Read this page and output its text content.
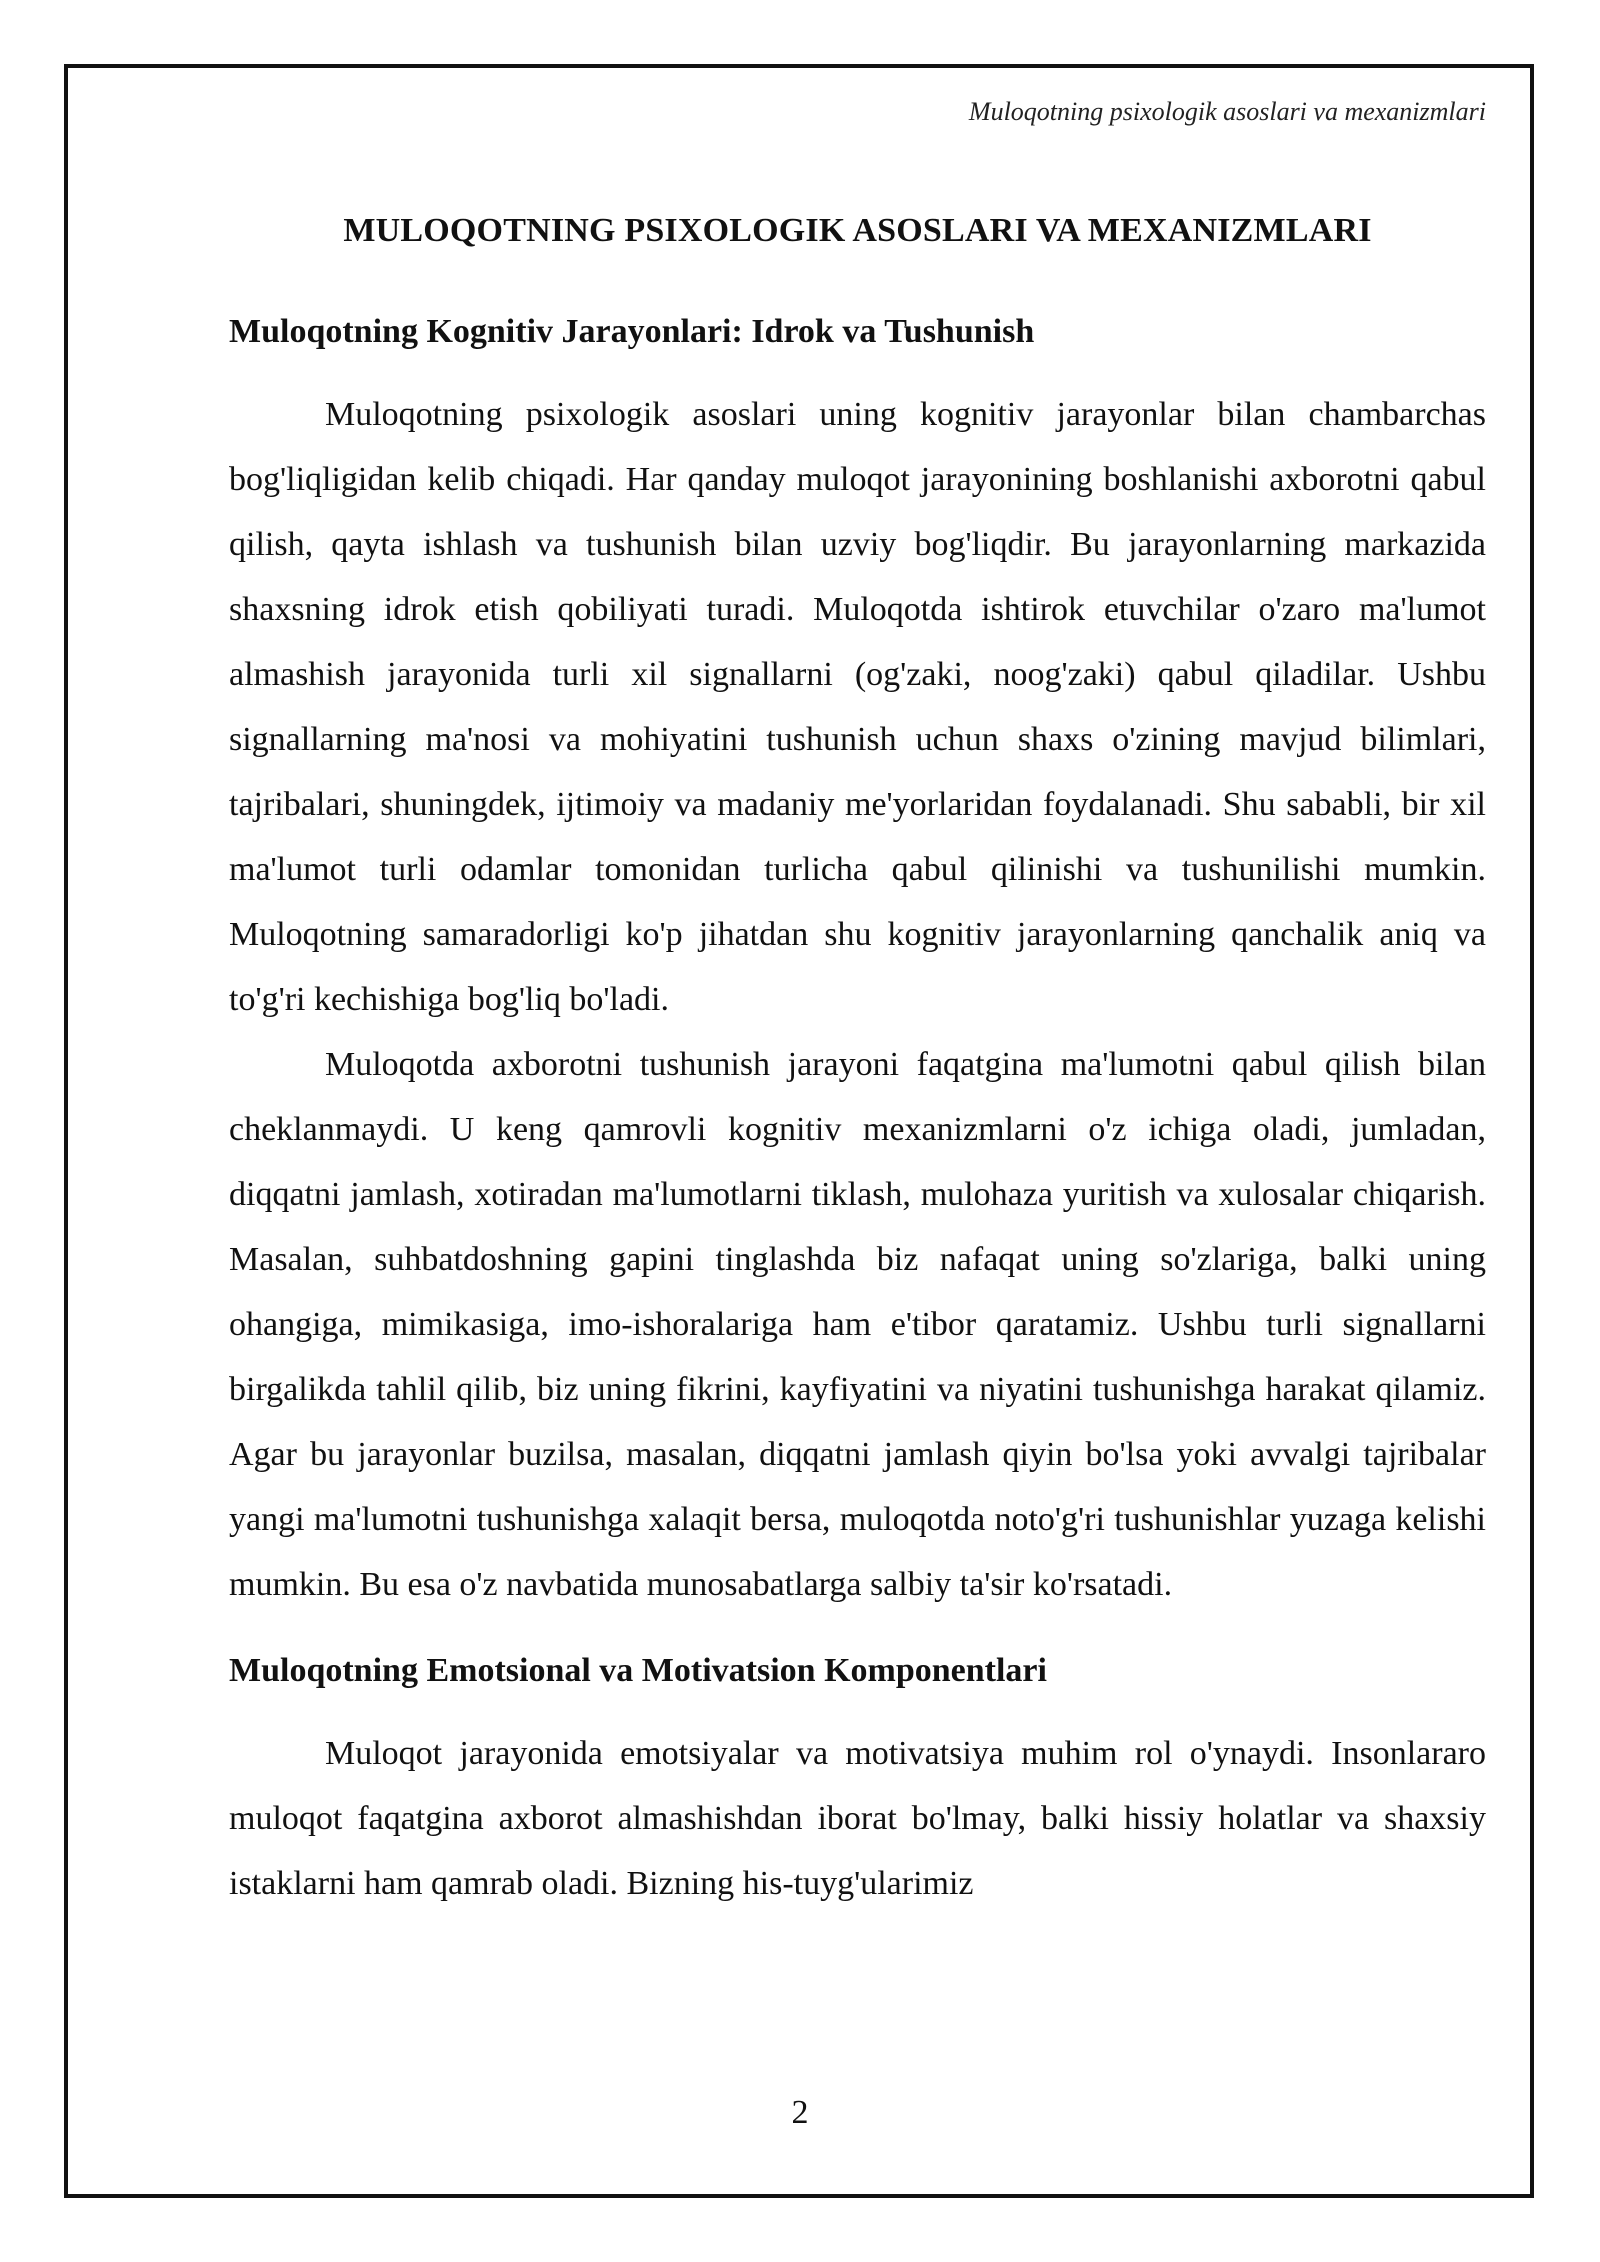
Muloqotning psixologik asoslari va mexanizmlari
MULOQOTNING PSIXOLOGIK ASOSLARI VA MEXANIZMLARI
Muloqotning Kognitiv Jarayonlari: Idrok va Tushunish

Muloqotning psixologik asoslari uning kognitiv jarayonlar bilan chambarchas bog'liqligidan kelib chiqadi. Har qanday muloqot jarayonining boshlanishi axborotni qabul qilish, qayta ishlash va tushunish bilan uzviy bog'liqdir. Bu jarayonlarning markazida shaxsning idrok etish qobiliyati turadi. Muloqotda ishtirok etuvchilar o'zaro ma'lumot almashish jarayonida turli xil signallarni (og'zaki, noog'zaki) qabul qiladilar. Ushbu signallarning ma'nosi va mohiyatini tushunish uchun shaxs o'zining mavjud bilimlari, tajribalari, shuningdek, ijtimoiy va madaniy me'yorlaridan foydalanadi. Shu sababli, bir xil ma'lumot turli odamlar tomonidan turlicha qabul qilinishi va tushunilishi mumkin. Muloqotning samaradorligi ko'p jihatdan shu kognitiv jarayonlarning qanchalik aniq va to'g'ri kechishiga bog'liq bo'ladi.

Muloqotda axborotni tushunish jarayoni faqatgina ma'lumotni qabul qilish bilan cheklanmaydi. U keng qamrovli kognitiv mexanizmlarni o'z ichiga oladi, jumladan, diqqatni jamlash, xotiradan ma'lumotlarni tiklash, mulohaza yuritish va xulosalar chiqarish. Masalan, suhbatdoshning gapini tinglashda biz nafaqat uning so'zlariga, balki uning ohangiga, mimikasiga, imo-ishoralariga ham e'tibor qaratamiz. Ushbu turli signallarni birgalikda tahlil qilib, biz uning fikrini, kayfiyatini va niyatini tushunishga harakat qilamiz. Agar bu jarayonlar buzilsa, masalan, diqqatni jamlash qiyin bo'lsa yoki avvalgi tajribalar yangi ma'lumotni tushunishga xalaqit bersa, muloqotda noto'g'ri tushunishlar yuzaga kelishi mumkin. Bu esa o'z navbatida munosabatlarga salbiy ta'sir ko'rsatadi.

Muloqotning Emotsional va Motivatsion Komponentlari

Muloqot jarayonida emotsiyalar va motivatsiya muhim rol o'ynaydi. Insonlararo muloqot faqatgina axborot almashishdan iborat bo'lmay, balki hissiy holatlar va shaxsiy istaklarni ham qamrab oladi. Bizning his-tuyg'ularimiz

2
